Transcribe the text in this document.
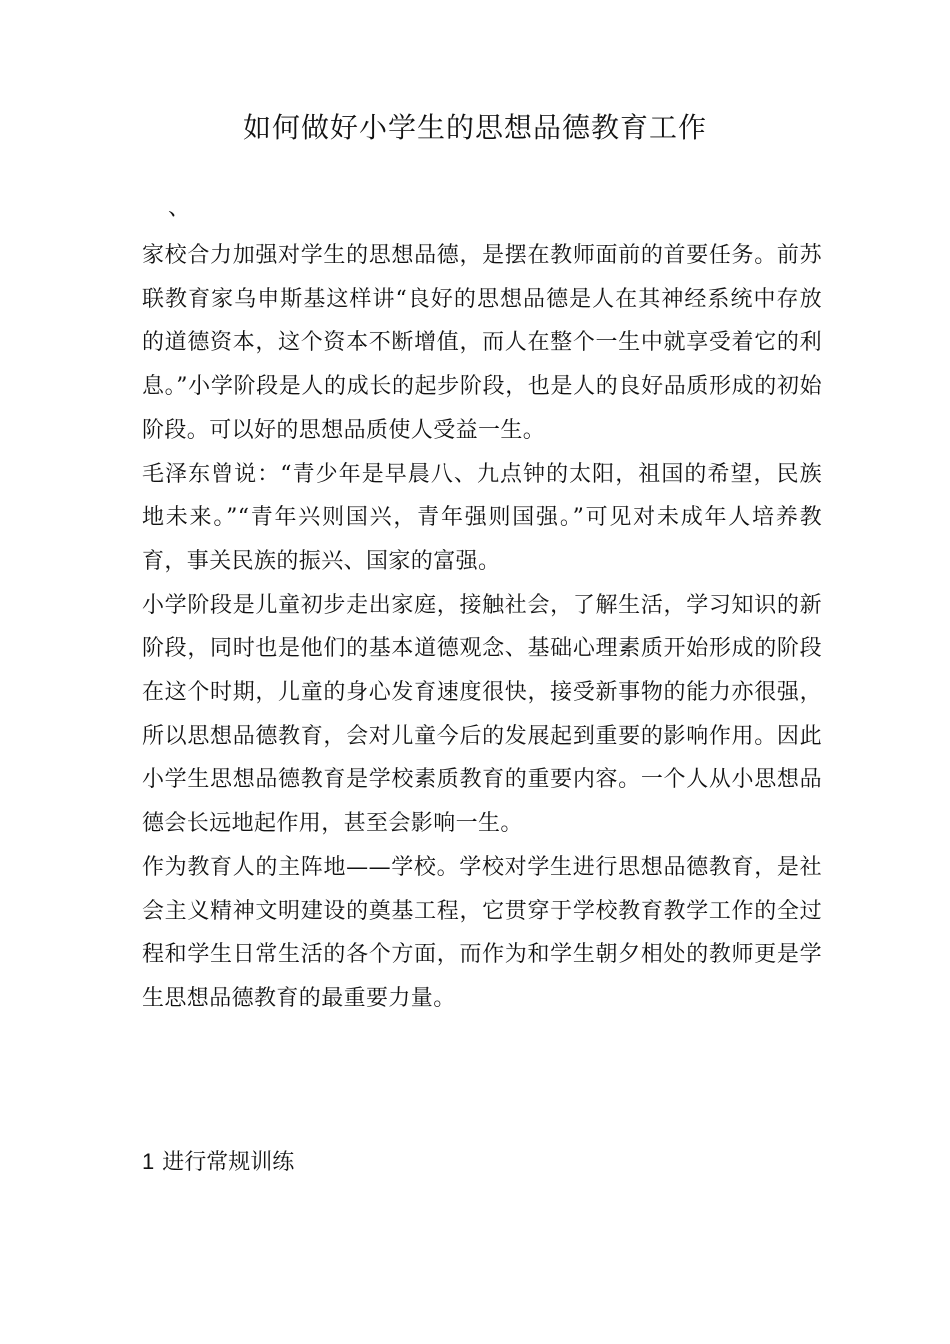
如何做好小学生的思想品德教育工作
、

家校合力加强对学生的思想品德，是摆在教师面前的首要任务。前苏联教育家乌申斯基这样讲“良好的思想品德是人在其神经系统中存放的道德资本，这个资本不断增值，而人在整个一生中就享受着它的利息。”小学阶段是人的成长的起步阶段，也是人的良好品质形成的初始阶段。可以好的思想品质使人受益一生。

毛泽东曾说：“青少年是早晨八、九点钟的太阳，祖国的希望，民族地未来。”“青年兴则国兴，青年强则国强。”可见对未成年人培养教育，事关民族的振兴、国家的富强。

小学阶段是儿童初步走出家庭，接触社会，了解生活，学习知识的新阶段，同时也是他们的基本道德观念、基础心理素质开始形成的阶段在这个时期，儿童的身心发育速度很快，接受新事物的能力亦很强，所以思想品德教育，会对儿童今后的发展起到重要的影响作用。因此小学生思想品德教育是学校素质教育的重要内容。一个人从小思想品德会长远地起作用，甚至会影响一生。

作为教育人的主阵地——学校。学校对学生进行思想品德教育，是社会主义精神文明建设的奠基工程，它贯穿于学校教育教学工作的全过程和学生日常生活的各个方面，而作为和学生朝夕相处的教师更是学生思想品德教育的最重要力量。

1 进行常规训练
